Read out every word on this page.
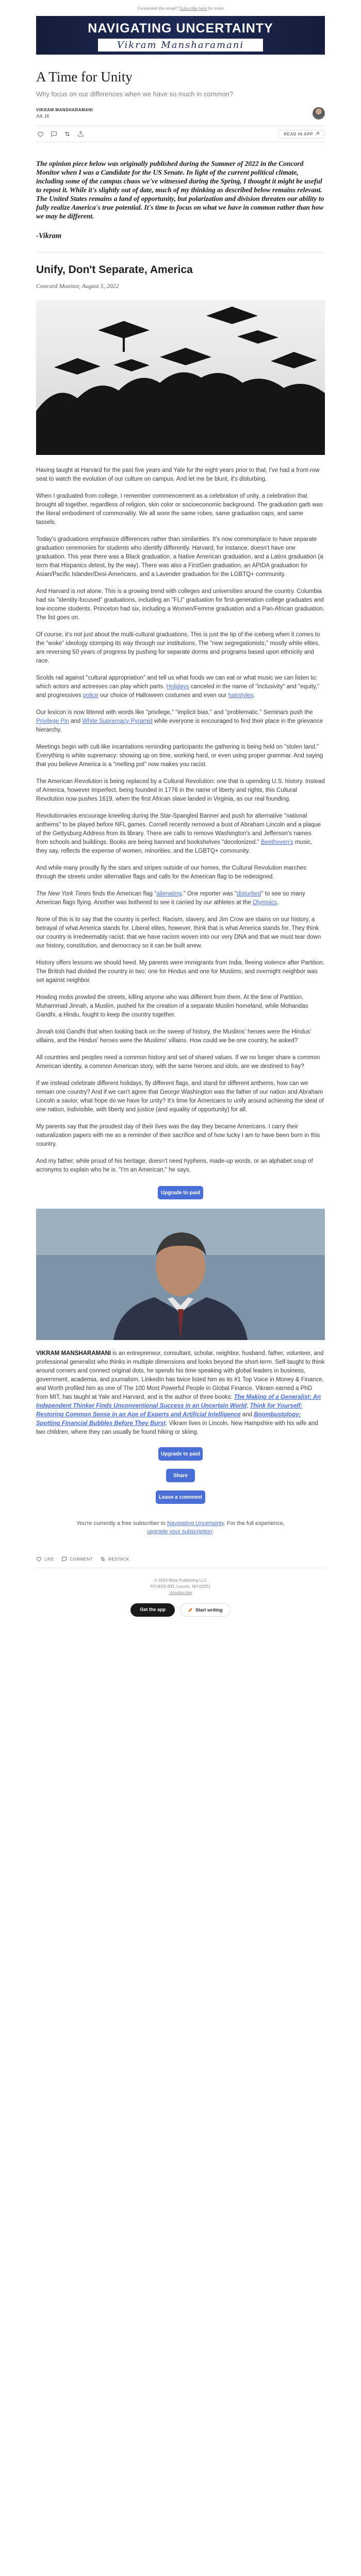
Forwarded this email? Subscribe here for more
NAVIGATING UNCERTAINTY
Vikram Mansharamani
A Time for Unity
Why focus on our differences when we have so much in common?
VIKRAM MANSHARAMANI
JUL 16
READ IN APP

The opinion piece below was originally published during the Summer of 2022 in the Concord Monitor when I was a Candidate for the US Senate. In light of the current political climate, including some of the campus chaos we've witnessed during the Spring, I thought it might be useful to repost it. While it's slightly out of date, much of my thinking as described below remains relevant. The United States remains a land of opportunity, but polarization and division threaten our ability to fully realize America's true potential. It's time to focus on what we have in common rather than how we may be different.

-Vikram
Unify, Don't Separate, America
Concord Monitor, August 5, 2022

Having taught at Harvard for the past five years and Yale for the eight years prior to that, I've had a front-row seat to watch the evolution of our culture on campus. And let me be blunt, it's disturbing.

When I graduated from college, I remember commencement as a celebration of unity, a celebration that brought all together, regardless of religion, skin color or socioeconomic background. The graduation garb was the literal embodiment of commonality. We all wore the same robes, same graduation caps, and same tassels.

Today's graduations emphasize differences rather than similarities. It's now commonplace to have separate graduation ceremonies for students who identify differently. Harvard, for instance, doesn't have one graduation. This year there was a Black graduation, a Native American graduation, and a Latinx graduation (a term that Hispanics detest, by the way). There was also a FirstGen graduation, an APIDA graduation for Asian/Pacific Islander/Desi-Americans, and a Lavender graduation for the LGBTQ+ community.

And Harvard is not alone. This is a growing trend with colleges and universities around the country. Columbia had six "identity-focused" graduations, including an "FLI" graduation for first-generation college graduates and low-income students. Princeton had six, including a Women/Femme graduation and a Pan-African graduation. The list goes on.

Of course, it's not just about the multi-cultural graduations. This is just the tip of the iceberg when it comes to the "woke" ideology stomping its way through our institutions. The "new segregationists," mostly white elites, are reversing 50 years of progress by pushing for separate dorms and programs based upon ethnicity and race.

Scolds rail against "cultural appropriation" and tell us what foods we can eat or what music we can listen to; which actors and actresses can play which parts. Holidays canceled in the name of "inclusivity" and "equity," and progressives police our choice of Halloween costumes and even our hairstyles.

Our lexicon is now littered with words like "privilege," "implicit bias," and "problematic." Seminars push the Privilege Pin and White Supremacy Pyramid while everyone is encouraged to find their place in the grievance hierarchy.

Meetings begin with cult-like incantations reminding participants the gathering is being held on "stolen land." Everything is white supremacy: showing up on time, working hard, or even using proper grammar. And saying that you believe America is a "melting pot" now makes you racist.

The American Revolution is being replaced by a Cultural Revolution: one that is upending U.S. history. Instead of America, however imperfect, being founded in 1776 in the name of liberty and rights, this Cultural Revolution now pushes 1619, when the first African slave landed in Virginia, as our real founding.

Revolutionaries encourage kneeling during the Star-Spangled Banner and push for alternative "national anthems" to be played before NFL games. Cornell recently removed a bust of Abraham Lincoln and a plaque of the Gettysburg Address from its library. There are calls to remove Washington's and Jefferson's names from schools and buildings. Books are being banned and bookshelves "decolonized." Beethoven's music, they say, reflects the expense of women, minorities, and the LGBTQ+ community.

And while many proudly fly the stars and stripes outside of our homes, the Cultural Revolution marches through the streets under alternative flags and calls for the American flag to be redesigned.

The New York Times finds the American flag "alienating." One reporter was "disturbed" to see so many American flags flying. Another was bothered to see it carried by our athletes at the Olympics.

None of this is to say that the country is perfect. Racism, slavery, and Jim Crow are stains on our history, a betrayal of what America stands for. Liberal elites, however, think that is what America stands for. They think our country is irredeemably racist; that we have racism woven into our very DNA and that we must tear down our history, constitution, and democracy so it can be built anew.

History offers lessons we should heed. My parents were immigrants from India, fleeing violence after Partition. The British had divided the country in two; one for Hindus and one for Muslims, and overnight neighbor was set against neighbor.

Howling mobs prowled the streets, killing anyone who was different from them. At the time of Partition, Muhammad Jinnah, a Muslim, pushed for the creation of a separate Muslim homeland, while Mohandas Gandhi, a Hindu, fought to keep the country together.

Jinnah told Gandhi that when looking back on the sweep of history, the Muslims' heroes were the Hindus' villains, and the Hindus' heroes were the Muslims' villains. How could we be one country, he asked?

All countries and peoples need a common history and set of shared values. If we no longer share a common American identity, a common American story, with the same heroes and idols, are we destined to fray?

If we instead celebrate different holidays, fly different flags, and stand for different anthems, how can we remain one country? And if we can't agree that George Washington was the father of our nation and Abraham Lincoln a savior, what hope do we have for unity? It's time for Americans to unify around achieving the ideal of one nation, indivisible, with liberty and justice (and equality of opportunity) for all.

My parents say that the proudest day of their lives was the day they became Americans. I carry their naturalization papers with me as a reminder of their sacrifice and of how lucky I am to have been born in this country.

And my father, while proud of his heritage, doesn't need hyphens, made-up words, or an alphabet soup of acronyms to explain who he is. "I'm an American," he says.

Upgrade to paid

VIKRAM MANSHARAMANI is an entrepreneur, consultant, scholar, neighbor, husband, father, volunteer, and professional generalist who thinks in multiple dimensions and looks beyond the short-term. Self-taught to think around corners and connect original dots, he spends his time speaking with global leaders in business, government, academia, and journalism. LinkedIn has twice listed him as its #1 Top Voice in Money & Finance, and Worth profiled him as one of The 100 Most Powerful People in Global Finance. Vikram earned a PhD from MIT, has taught at Yale and Harvard, and is the author of three books: The Making of a Generalist: An Independent Thinker Finds Unconventional Success in an Uncertain World; Think for Yourself: Restoring Common Sense in an Age of Experts and Artificial Intelligence and Boombustology: Spotting Financial Bubbles Before They Burst. Vikram lives in Lincoln, New Hampshire with his wife and two children, where they can usually be found hiking or skiing.

Upgrade to paid
Share
Leave a comment
You're currently a free subscriber to Navigating Uncertainty. For the full experience,
upgrade your subscription.
LIKE	COMMENT	RESTACK
© 2024 Wise Publishing LLC
PO BOX 833, Lincoln, NH 03251
Unsubscribe
Get the app	Start writing
